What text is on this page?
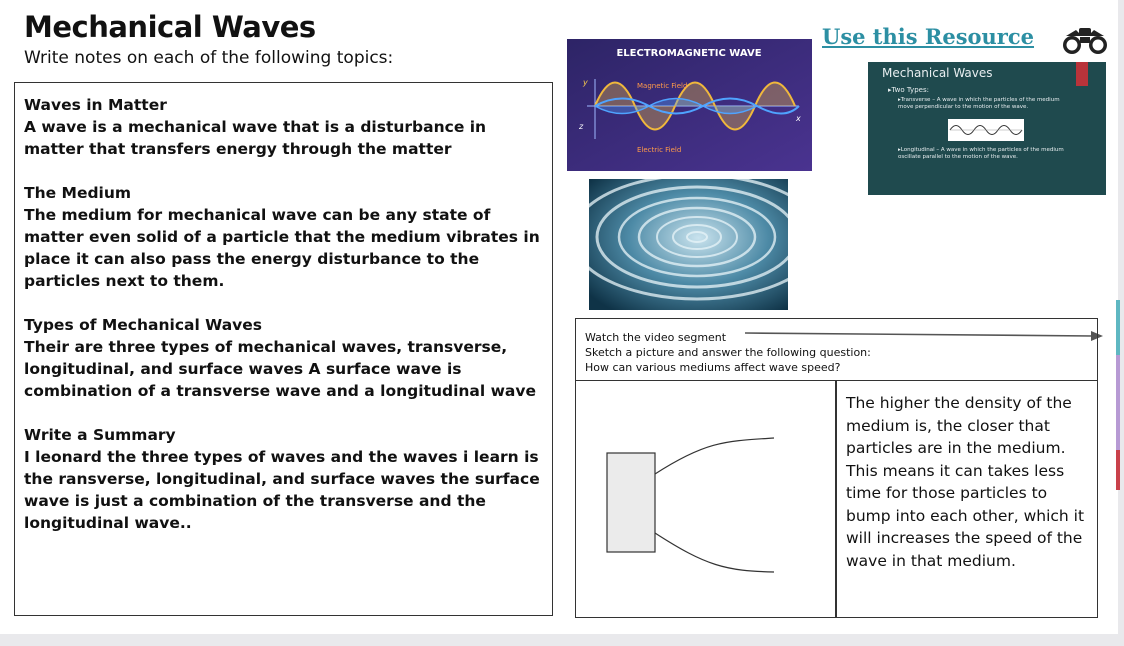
Mechanical Waves
Write notes on each of the following topics:
Waves in Matter
A wave is a mechanical wave that is a disturbance in matter that transfers energy through the matter
The Medium
The medium for mechanical wave can be any state of matter even solid of a particle that the medium vibrates in place it can also pass the energy disturbance to the particles next to them.
Types of Mechanical Waves
Their are three types of mechanical waves, transverse, longitudinal, and surface waves A surface wave is combination of a transverse wave and a longitudinal wave
Write a Summary
I leonard the three types of waves and the waves i learn is the ransverse, longitudinal, and surface waves the surface wave is just a combination of the transverse and the longitudinal wave..
ELECTROMAGNETIC WAVE
Magnetic Field
Electric Field
y
z
x
Mechanical Waves
▸Two Types:
▸Transverse – A wave in which the particles of the medium move perpendicular to the motion of the wave.
▸Longitudinal – A wave in which the particles of the medium oscillate parallel to the motion of the wave.
Use this Resource
Watch the video segment
Sketch a picture and answer the following question:
How can various mediums affect wave speed?
The higher the density of the medium is, the closer that particles are in the medium. This means it can takes less time for those particles to bump into each other, which it will increases the speed of the wave in that medium.
